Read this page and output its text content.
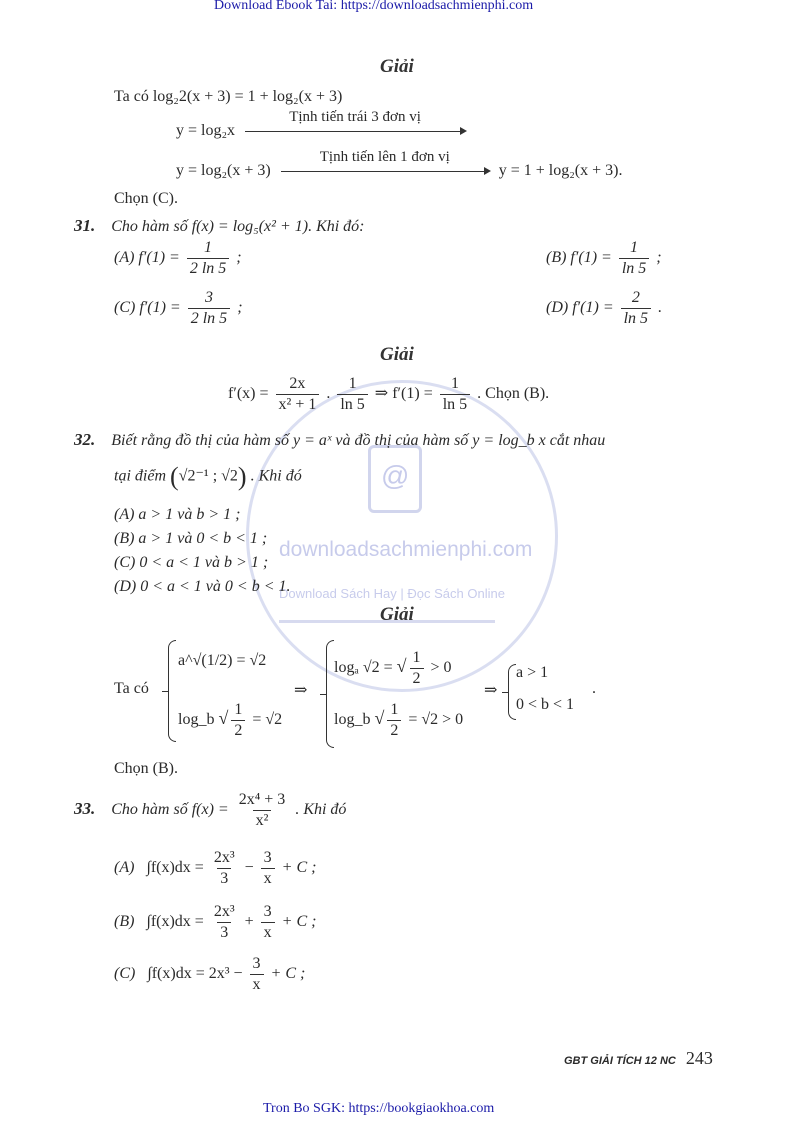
Download Ebook Tai: https://downloadsachmienphi.com
@
downloadsachmienphi.com
Download Sách Hay | Đọc Sách Online
Giải
Ta có log₂2(x + 3) = 1 + log₂(x + 3)
y = log₂x
Tịnh tiến trái 3 đơn vị
y = log₂(x + 3)
Tịnh tiến lên 1 đơn vị
y = 1 + log₂(x + 3).
Chọn (C).
31. Cho hàm số f(x) = log₅(x² + 1). Khi đó:
(A) $f'(1) = \frac{1}{2 \ln 5}$ ;	(B) $f'(1) = \frac{1}{\ln 5}$ ;
(C) $f'(1) = \frac{3}{2 \ln 5}$ ;	(D) $f'(1) = \frac{2}{\ln 5}$ .
Giải
$f'(x) = \frac{2x}{\text{x² + 1}}$ . $\frac{1}{\ln 5}$ ⇒ $f'(1) = \frac{1}{\ln 5}$ . Chọn (B).
32. Biết rằng đồ thị của hàm số y = aˣ và đồ thị của hàm số y = log_b x cắt nhau
tại điểm (√2⁻¹ ; √2) . Khi đó
(A) a > 1 và b > 1 ;
(B) a > 1 và 0 < b < 1 ;
(C) 0 < a < 1 và b > 1 ;
(D) 0 < a < 1 và 0 < b < 1.
Giải
Ta có
a^√(1/2) = √2
log_b √ $\frac{1}{2} = √2$
⇒
logₐ √2 = √ $\frac{1}{2} > 0$
log_b √ $\frac{1}{2} = √2 > 0$
⇒
a > 1
0 < b < 1
.
Chọn (B).
33. Cho hàm số $f(x) = \frac{\text{2x⁴ + 3}}{\text{x²}}$ . Khi đó
(A) $\int f(x)dx = \frac{\text{2x³}}{3} - \frac{3}{x} + C$ ;
(B) $\int f(x)dx = \frac{\text{2x³}}{3} + \frac{3}{x} + C$ ;
(C) $\int f(x)dx = 2x^3 - \frac{3}{x} + C$ ;
GBT GIẢI TÍCH 12 NC 243
Tron Bo SGK: https://bookgiaokhoa.com
